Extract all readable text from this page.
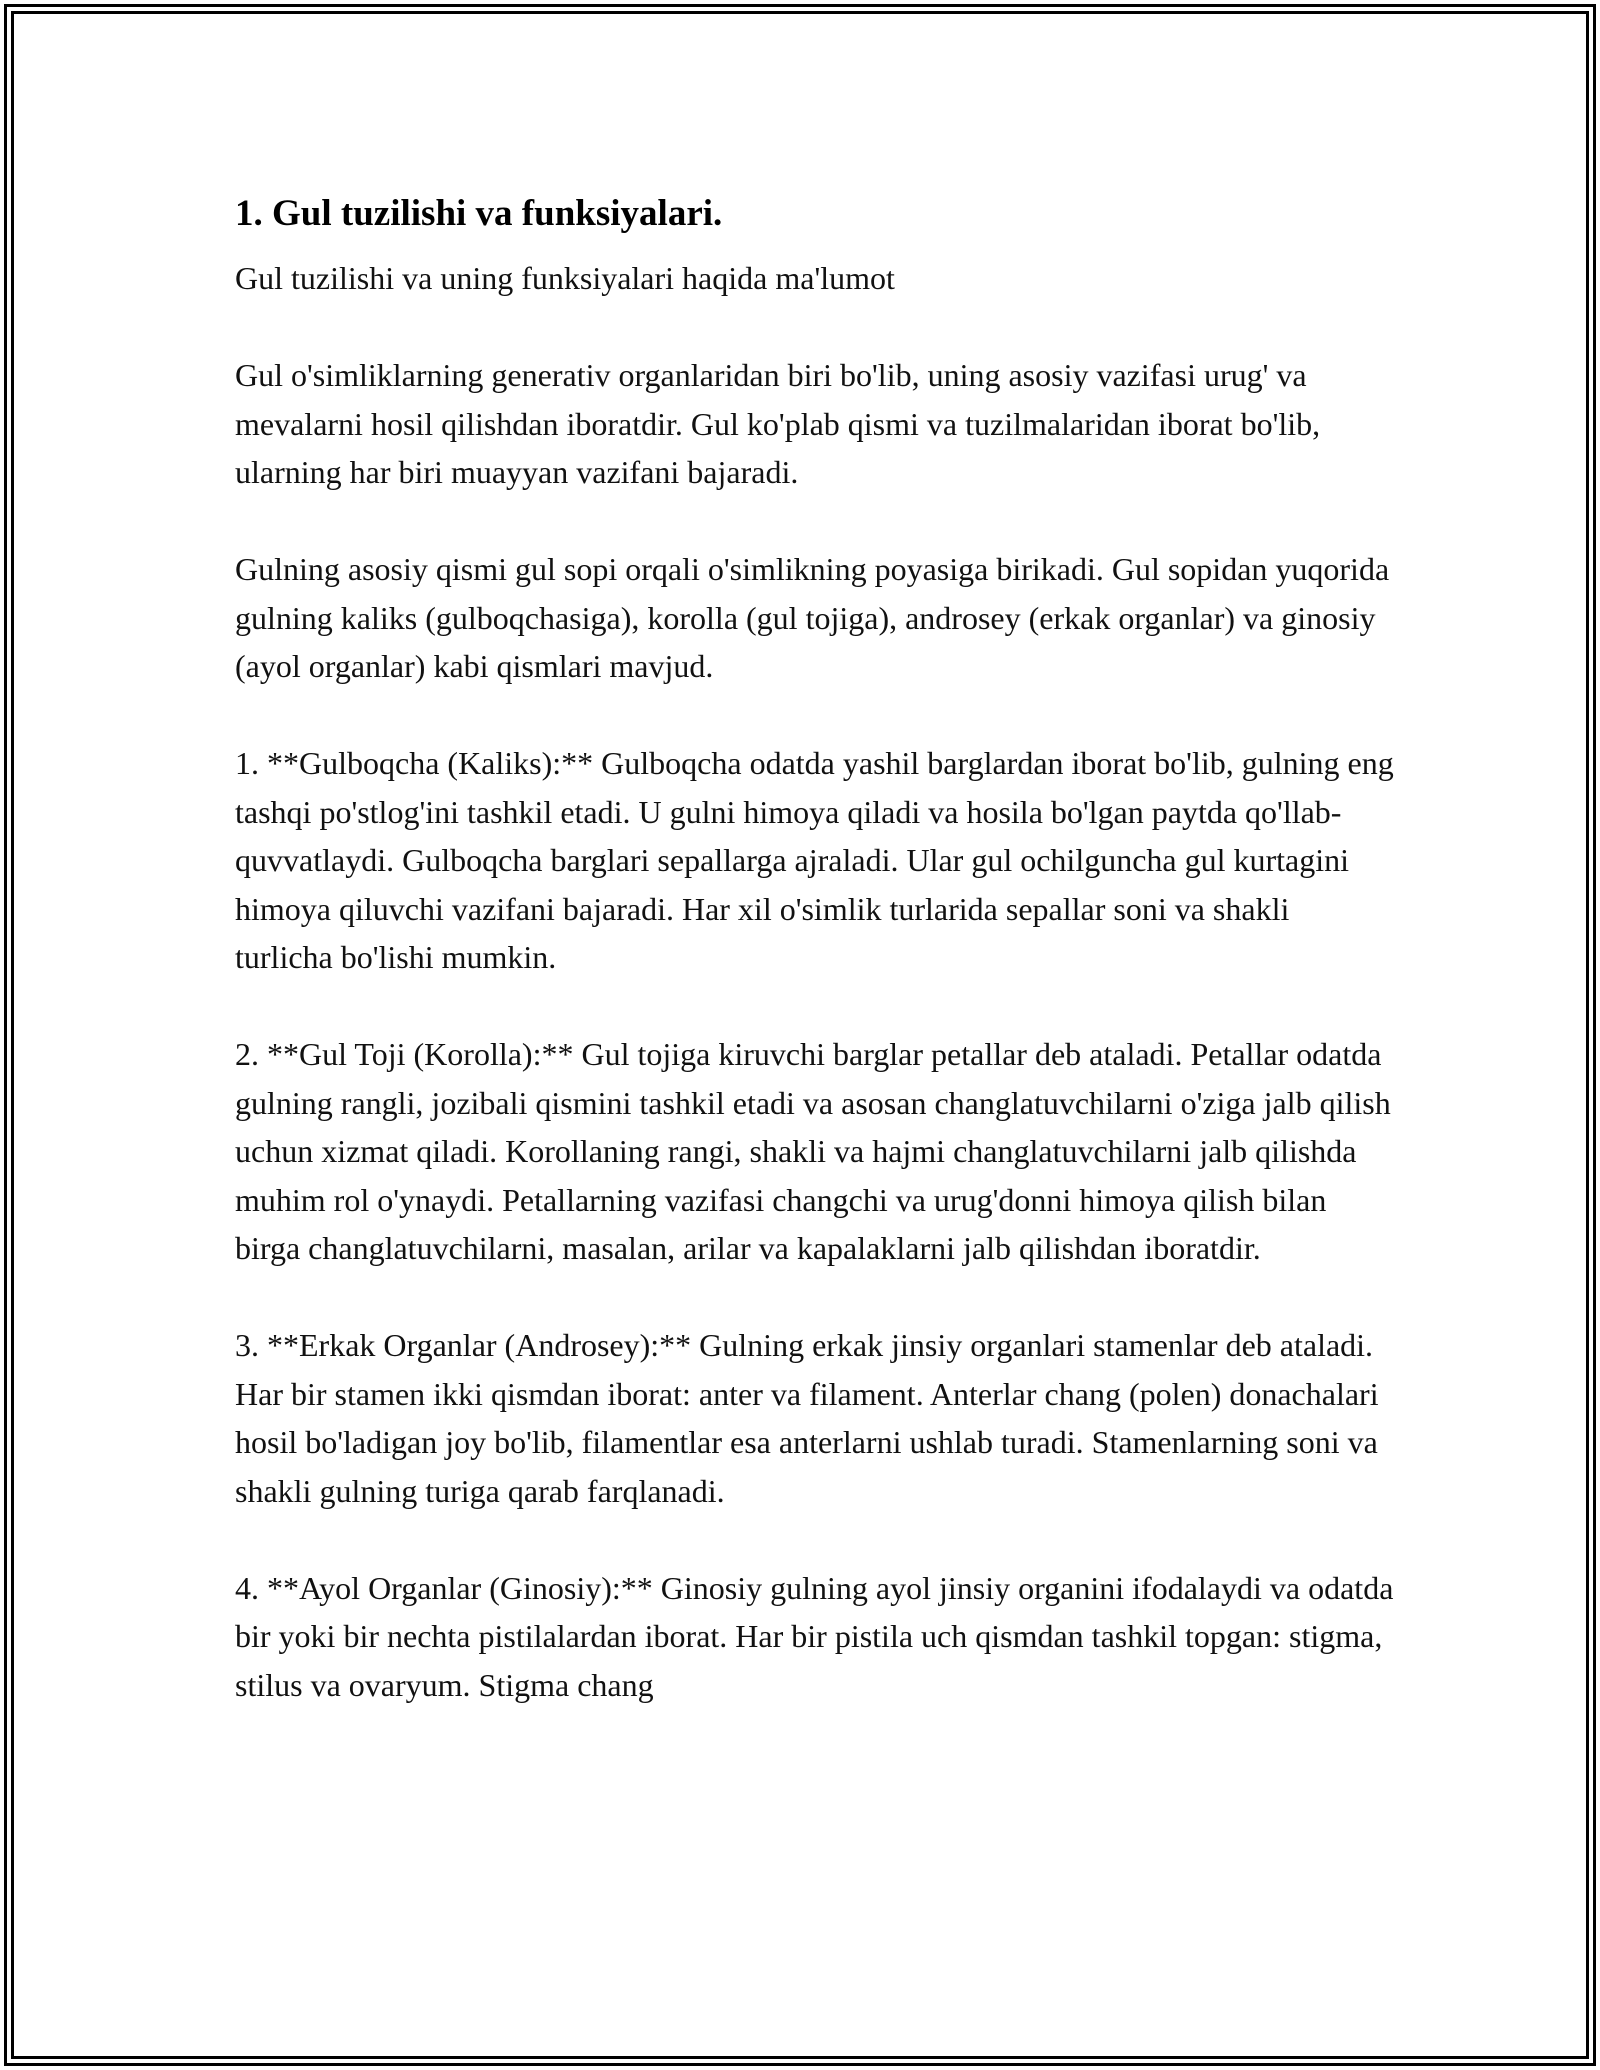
1. Gul tuzilishi va funksiyalari.

Gul tuzilishi va uning funksiyalari haqida ma'lumot

Gul o'simliklarning generativ organlaridan biri bo'lib, uning asosiy vazifasi urug' va mevalarni hosil qilishdan iboratdir. Gul ko'plab qismi va tuzilmalaridan iborat bo'lib, ularning har biri muayyan vazifani bajaradi.

Gulning asosiy qismi gul sopi orqali o'simlikning poyasiga birikadi. Gul sopidan yuqorida gulning kaliks (gulboqchasiga), korolla (gul tojiga), androsey (erkak organlar) va ginosiy (ayol organlar) kabi qismlari mavjud.

1. **Gulboqcha (Kaliks):** Gulboqcha odatda yashil barglardan iborat bo'lib, gulning eng tashqi po'stlog'ini tashkil etadi. U gulni himoya qiladi va hosila bo'lgan paytda qo'llab-quvvatlaydi. Gulboqcha barglari sepallarga ajraladi. Ular gul ochilguncha gul kurtagini himoya qiluvchi vazifani bajaradi. Har xil o'simlik turlarida sepallar soni va shakli turlicha bo'lishi mumkin.

2. **Gul Toji (Korolla):** Gul tojiga kiruvchi barglar petallar deb ataladi. Petallar odatda gulning rangli, jozibali qismini tashkil etadi va asosan changlatuvchilarni o'ziga jalb qilish uchun xizmat qiladi. Korollaning rangi, shakli va hajmi changlatuvchilarni jalb qilishda muhim rol o'ynaydi. Petallarning vazifasi changchi va urug'donni himoya qilish bilan birga changlatuvchilarni, masalan, arilar va kapalaklarni jalb qilishdan iboratdir.

3. **Erkak Organlar (Androsey):** Gulning erkak jinsiy organlari stamenlar deb ataladi. Har bir stamen ikki qismdan iborat: anter va filament. Anterlar chang (polen) donachalari hosil bo'ladigan joy bo'lib, filamentlar esa anterlarni ushlab turadi. Stamenlarning soni va shakli gulning turiga qarab farqlanadi.

4. **Ayol Organlar (Ginosiy):** Ginosiy gulning ayol jinsiy organini ifodalaydi va odatda bir yoki bir nechta pistilalardan iborat. Har bir pistila uch qismdan tashkil topgan: stigma, stilus va ovaryum. Stigma chang
